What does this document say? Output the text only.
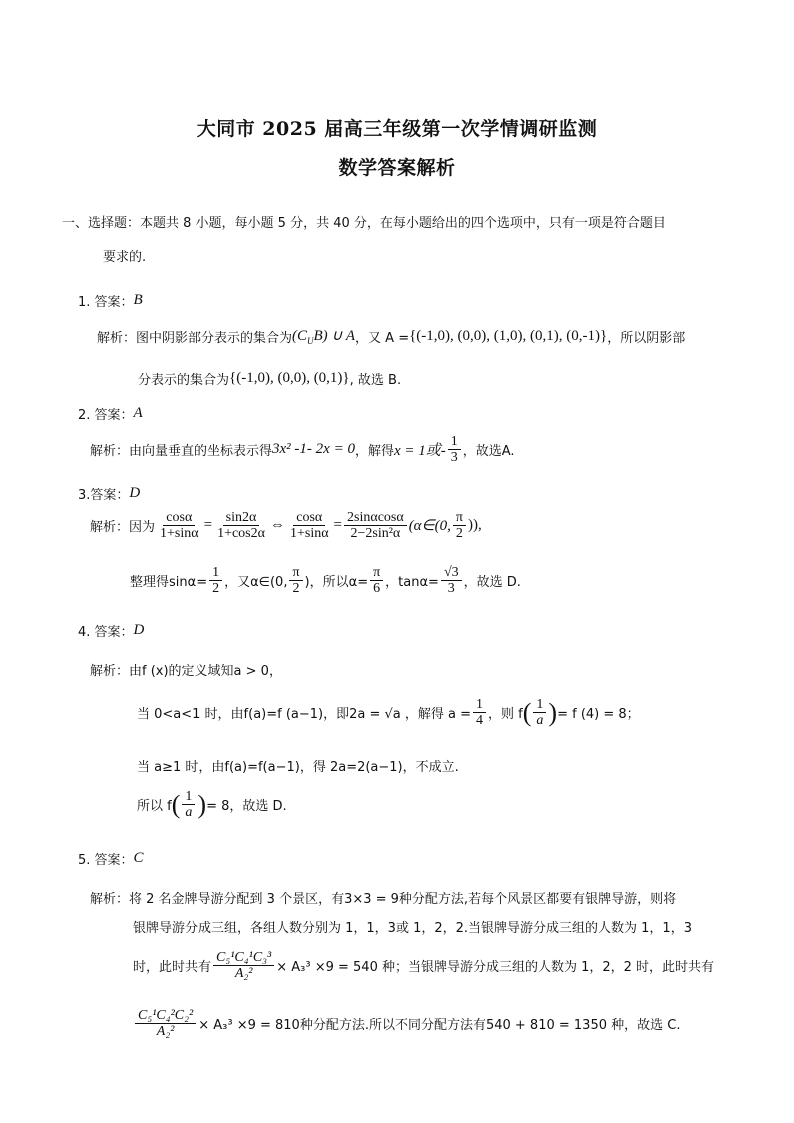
大同市 2025 届高三年级第一次学情调研监测
数学答案解析
一、选择题：本题共 8 小题，每小题 5 分，共 40 分，在每小题给出的四个选项中，只有一项是符合题目
要求的.
1. 答案： B
解析：图中阴影部分表示的集合为 $(C_UB)$ ∪ A ，又 A = {(-1,0), (0,0), (1,0), (0,1), (0,-1)} ，所以阴影部
分表示的集合为 {(-1,0), (0,0), (0,1)} , 故选 B.
2. 答案： A
解析：由向量垂直的坐标表示得 3x² -1- 2x = 0 ，解得 x = 1或- $\frac{1}{3}$ ，故选A.
3.答案： D
解析：因为 $\frac{\cos\alpha}{1+\sin\alpha} = \frac{\sin 2\alpha}{1+\cos 2\alpha}$ ⇔ $\frac{\cos\alpha}{1+\sin\alpha} = \frac{2\sin\alpha\cos\alpha}{\text{2−2sin²α}}$ (α∈(0, $\frac{\pi}{2}$ )),
整理得$\sin\alpha= \frac{1}{2}$ ，又α∈(0, $\frac{\pi}{2}$ )，所以$\alpha= \frac{\pi}{6}$ ，$\tan\alpha= \frac{√3}{3}$ ，故选 D.
4. 答案： D
解析：由f (x)的定义域知a > 0，
当 0<a<1 时，由f(a)=f (a−1)，即2a = √a ，解得 $a = \frac{1}{4}$ ，则 f ( $\frac{1}{a}$ ) = f (4) = 8；
当 a≥1 时，由f(a)=f(a−1)，得 2a=2(a−1)，不成立.
所以 f ( $\frac{1}{a}$ ) = 8，故选 D.
5. 答案： C
解析：将 2 名金牌导游分配到 3 个景区，有3×3 = 9种分配方法,若每个风景区都要有银牌导游，则将
银牌导游分成三组，各组人数分别为 1，1，3或 1，2，2.当银牌导游分成三组的人数为 1，1，3
时，此时共有 $\frac{\text{C₅¹C₄¹C₃³}}{\text{A₂²}} \times A_3^3 \times 9 = 540$ 种；当银牌导游分成三组的人数为 1，2，2 时，此时共有
$\frac{\text{C₅¹C₄²C₂²}}{\text{A₂²}} \times A_3^3 \times 9 = 810$种分配方法.所以不同分配方法有540 + 810 = 1350 种，故选 C.
